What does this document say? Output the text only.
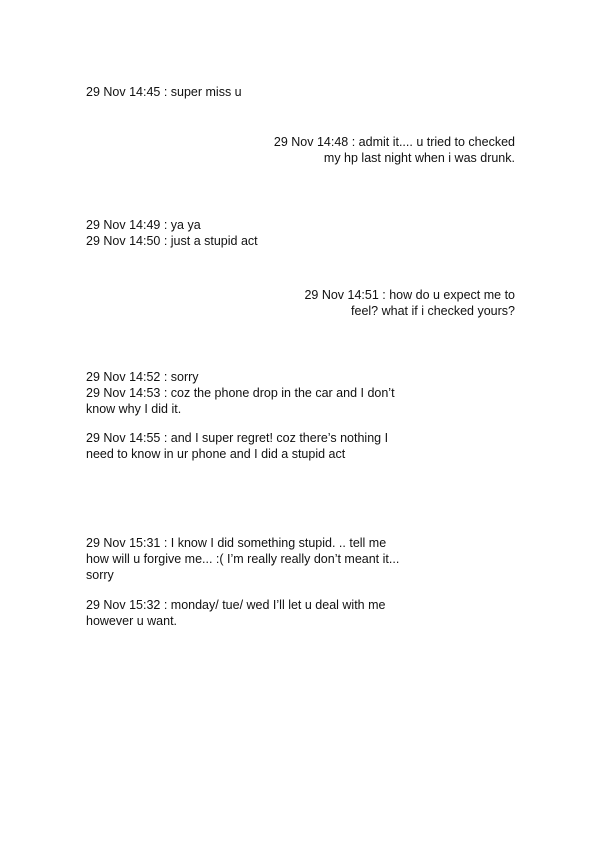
29 Nov 14:45 : super miss u

29 Nov 14:48 : admit it.... u tried to checked
my hp last night when i was drunk.

29 Nov 14:49 : ya ya

29 Nov 14:50 : just a stupid act

29 Nov 14:51 : how do u expect me to
feel? what if i checked yours?

29 Nov 14:52 : sorry

29 Nov 14:53 : coz the phone drop in the car and I don’t
know why I did it.

29 Nov 14:55 : and I super regret! coz there’s nothing I
need to know in ur phone and I did a stupid act

29 Nov 15:31 : I know I did something stupid. .. tell me
how will u forgive me... :( I’m really really don’t meant it...
sorry

29 Nov 15:32 : monday/ tue/ wed I’ll let u deal with me
however u want.
